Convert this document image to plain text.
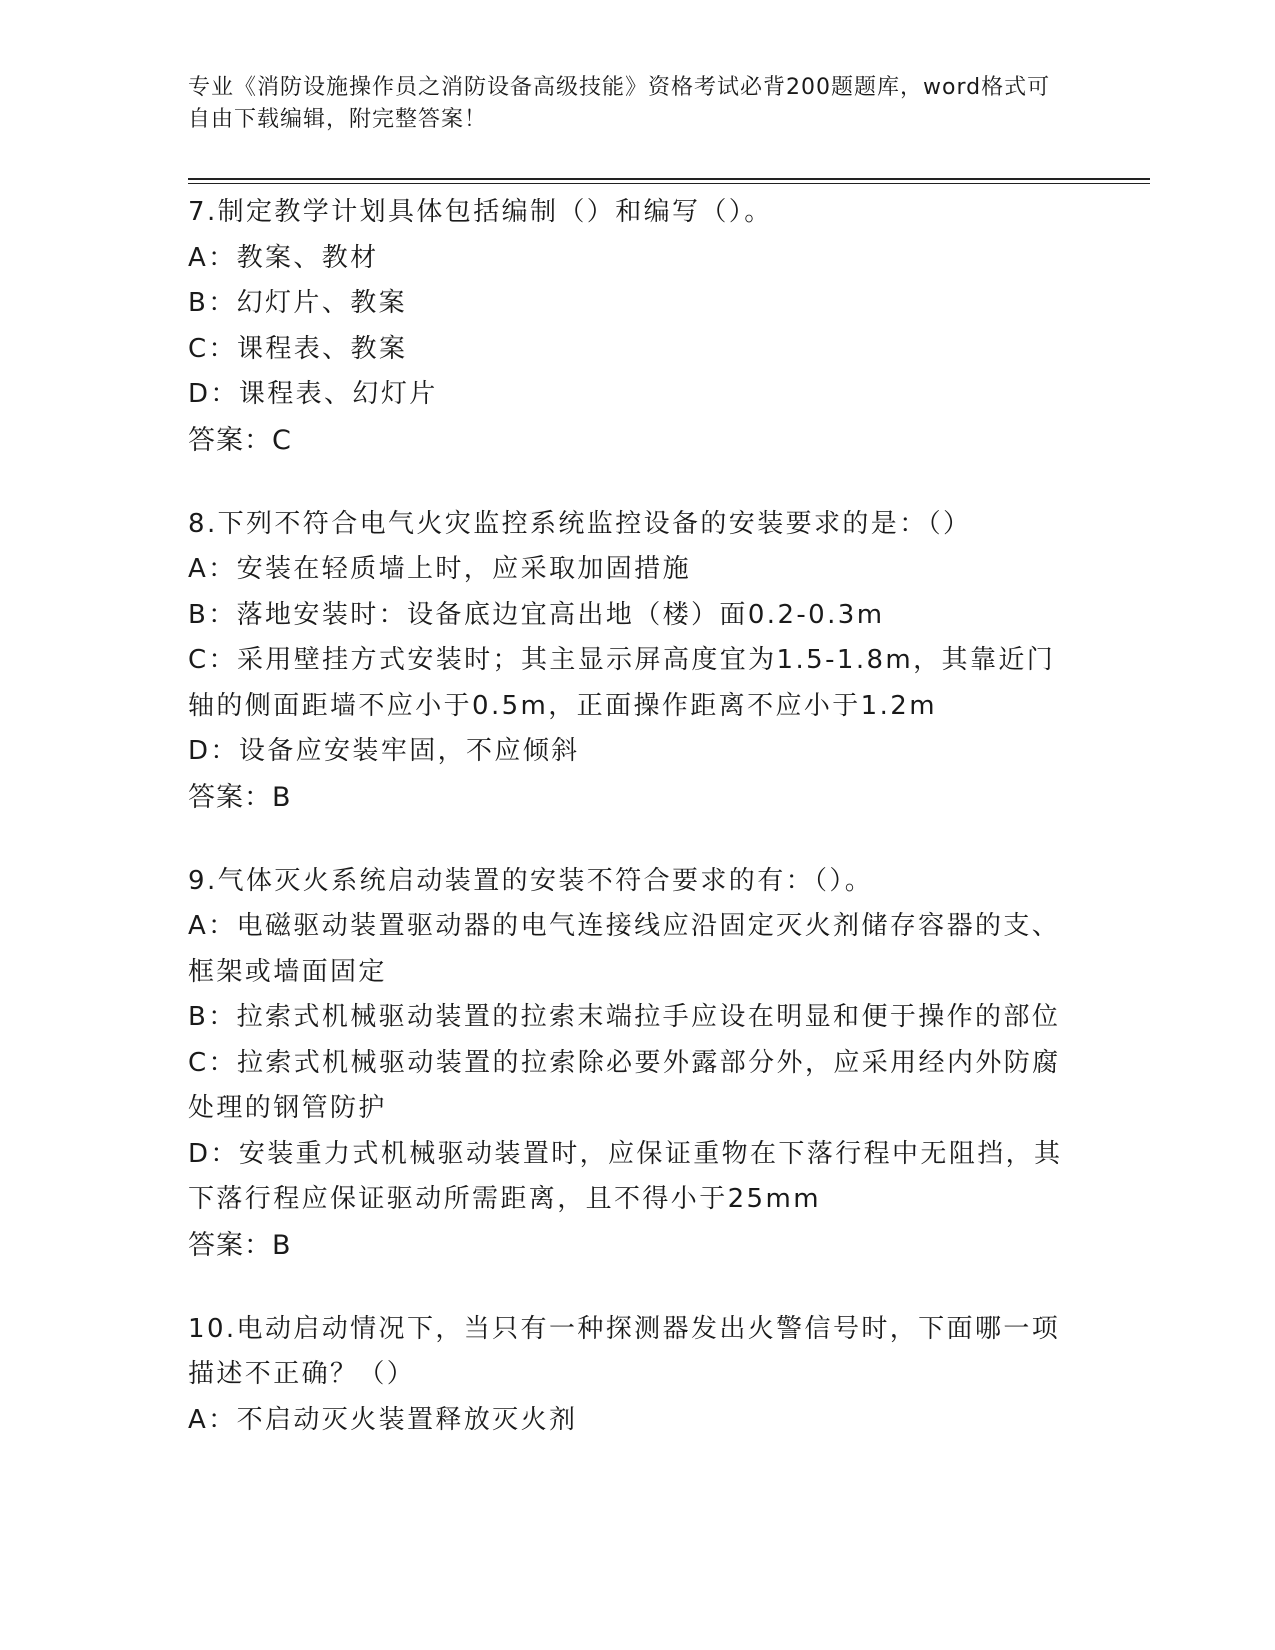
专业《消防设施操作员之消防设备高级技能》资格考试必背200题题库，word格式可自由下载编辑，附完整答案！

7.制定教学计划具体包括编制（）和编写（）。

A：教案、教材

B：幻灯片、教案

C：课程表、教案

D：课程表、幻灯片

答案：C

8.下列不符合电气火灾监控系统监控设备的安装要求的是：（）

A：安装在轻质墙上时，应采取加固措施

B：落地安装时：设备底边宜高出地（楼）面0.2-0.3m

C：采用壁挂方式安装时；其主显示屏高度宜为1.5-1.8m，其靠近门轴的侧面距墙不应小于0.5m，正面操作距离不应小于1.2m

D：设备应安装牢固，不应倾斜

答案：B

9.气体灭火系统启动装置的安装不符合要求的有：（）。

A：电磁驱动装置驱动器的电气连接线应沿固定灭火剂储存容器的支、框架或墙面固定

B：拉索式机械驱动装置的拉索末端拉手应设在明显和便于操作的部位

C：拉索式机械驱动装置的拉索除必要外露部分外，应采用经内外防腐处理的钢管防护

D：安装重力式机械驱动装置时，应保证重物在下落行程中无阻挡，其下落行程应保证驱动所需距离，且不得小于25mm

答案：B

10.电动启动情况下，当只有一种探测器发出火警信号时，下面哪一项描述不正确？（）

A：不启动灭火装置释放灭火剂
